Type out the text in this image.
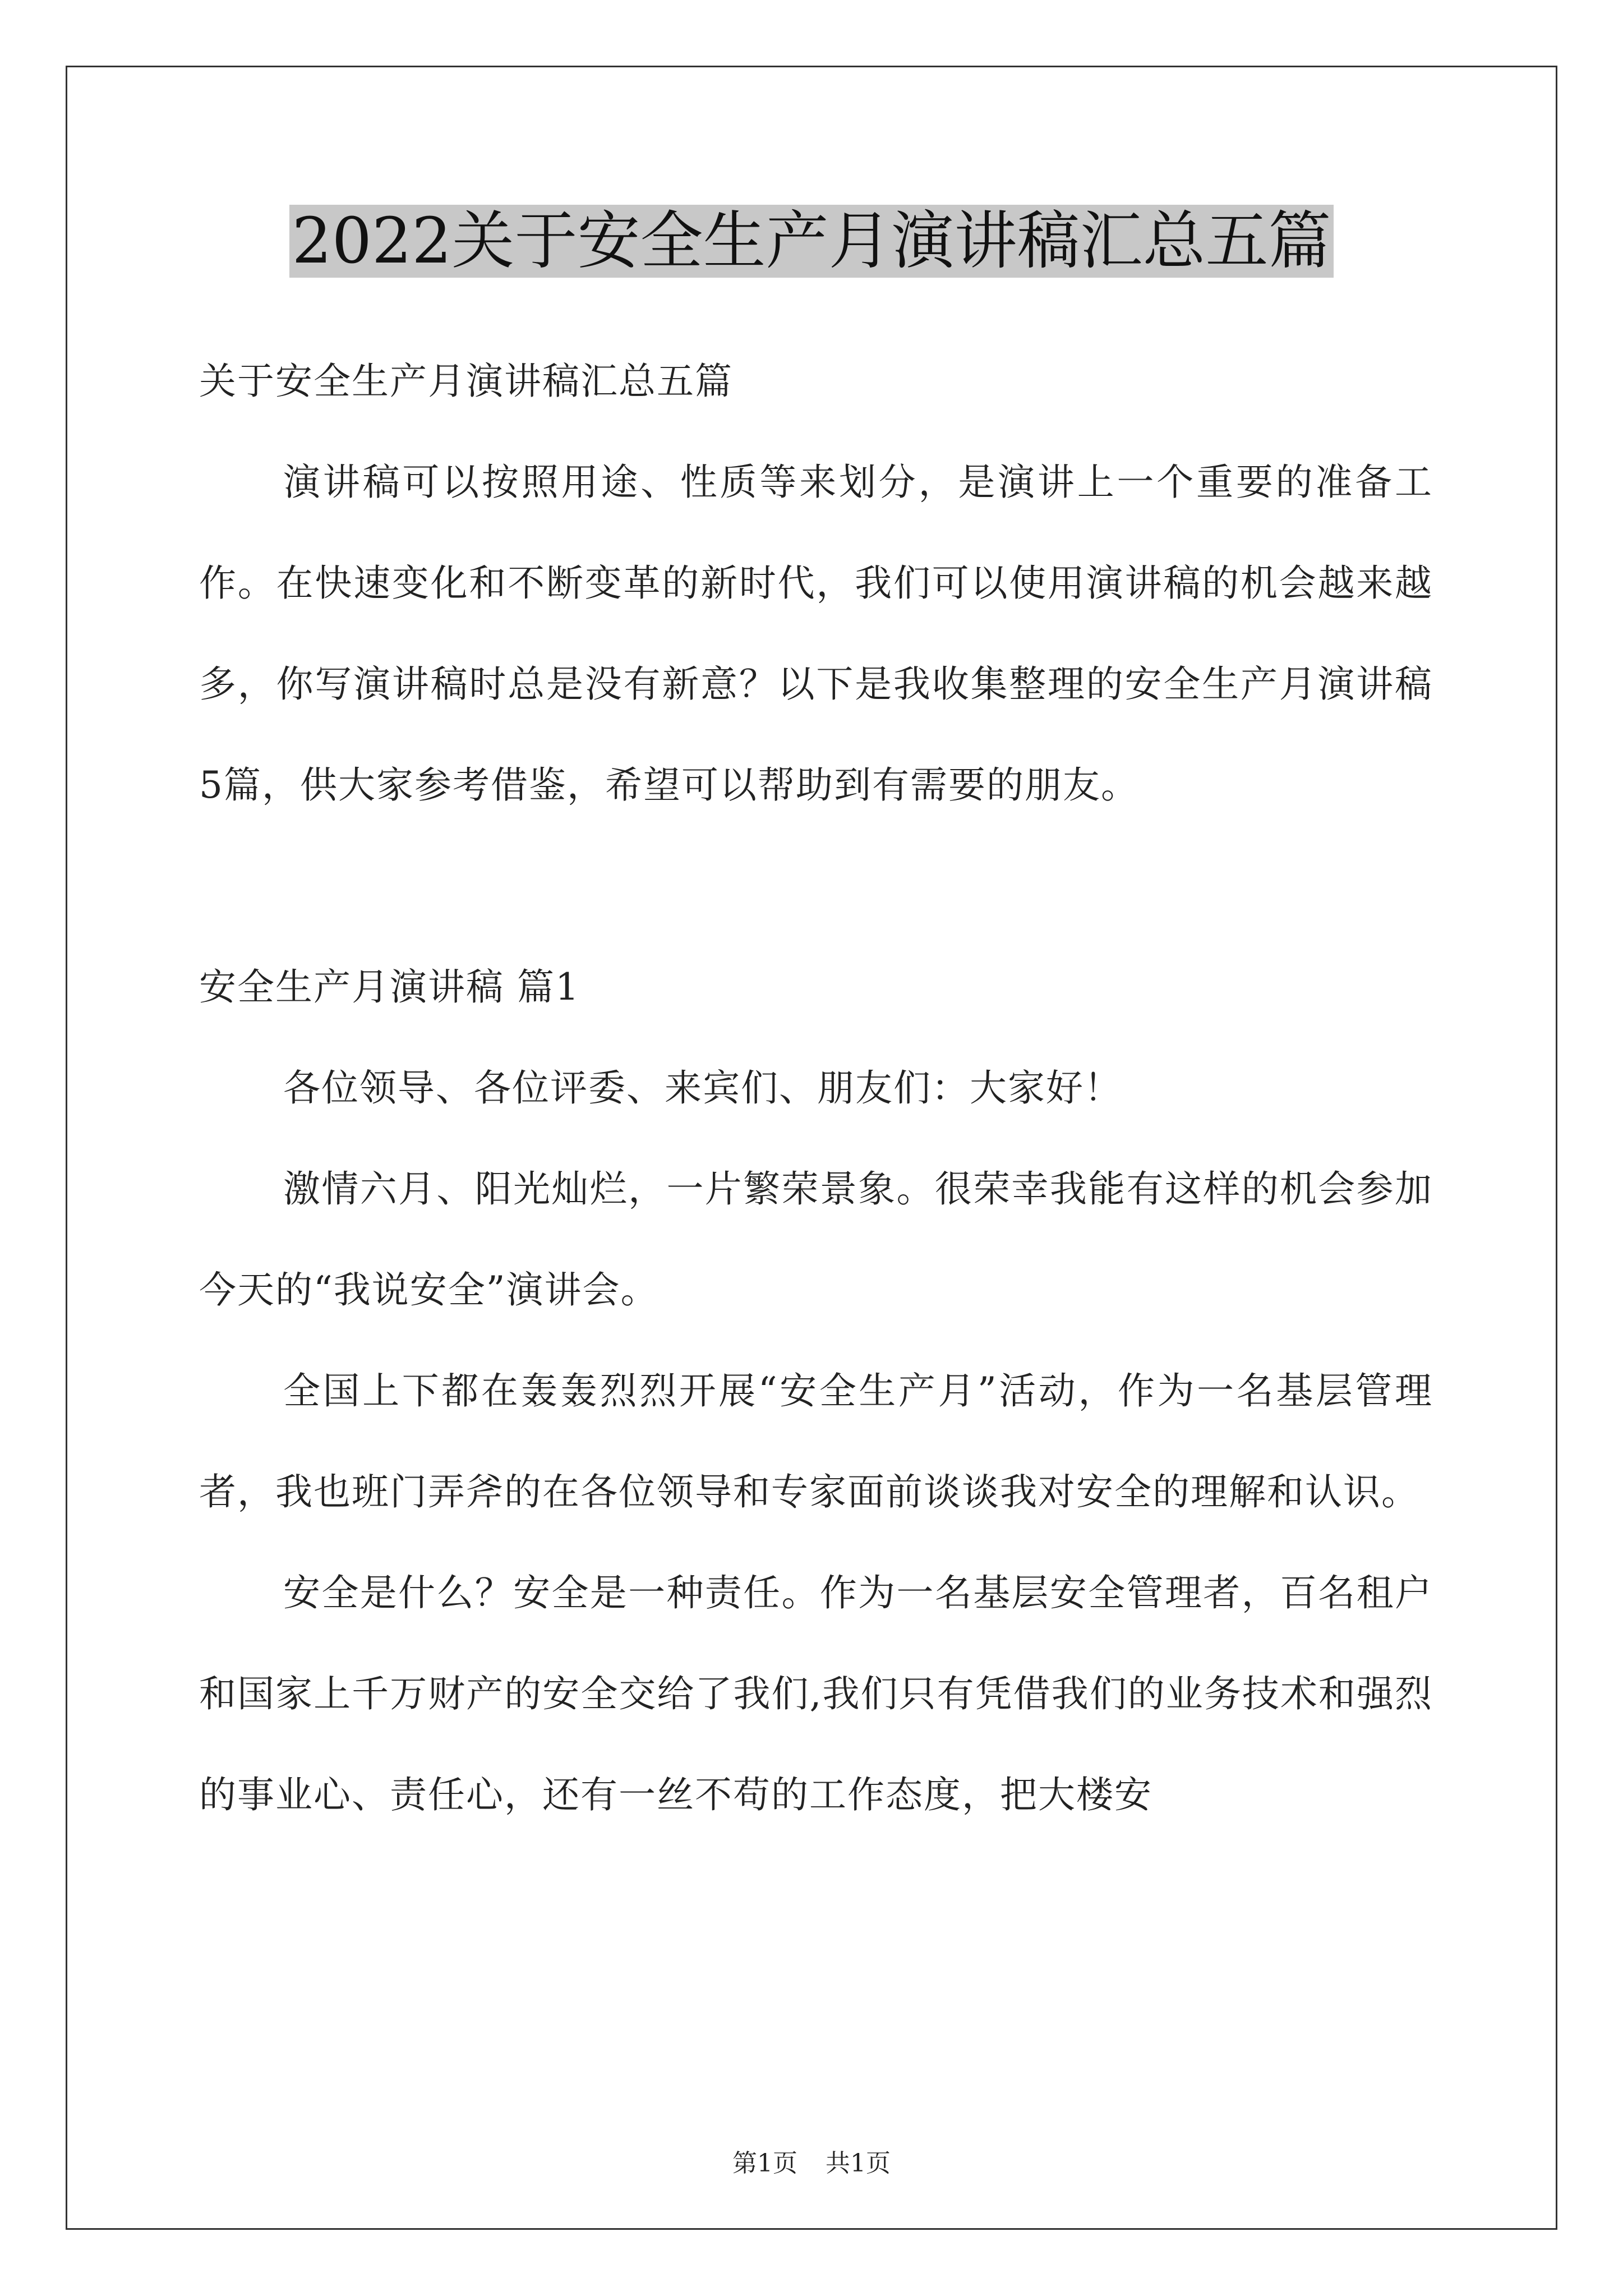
2022关于安全生产月演讲稿汇总五篇

关于安全生产月演讲稿汇总五篇

演讲稿可以按照用途、性质等来划分，是演讲上一个重要的准备工作。在快速变化和不断变革的新时代，我们可以使用演讲稿的机会越来越多，你写演讲稿时总是没有新意？以下是我收集整理的安全生产月演讲稿5篇，供大家参考借鉴，希望可以帮助到有需要的朋友。

安全生产月演讲稿 篇1

各位领导、各位评委、来宾们、朋友们：大家好！

激情六月、阳光灿烂，一片繁荣景象。很荣幸我能有这样的机会参加今天的“我说安全”演讲会。

全国上下都在轰轰烈烈开展“安全生产月”活动，作为一名基层管理者，我也班门弄斧的在各位领导和专家面前谈谈我对安全的理解和认识。

安全是什么？安全是一种责任。作为一名基层安全管理者，百名租户和国家上千万财产的安全交给了我们,我们只有凭借我们的业务技术和强烈的事业心、责任心，还有一丝不苟的工作态度，把大楼安

第1页 共1页
